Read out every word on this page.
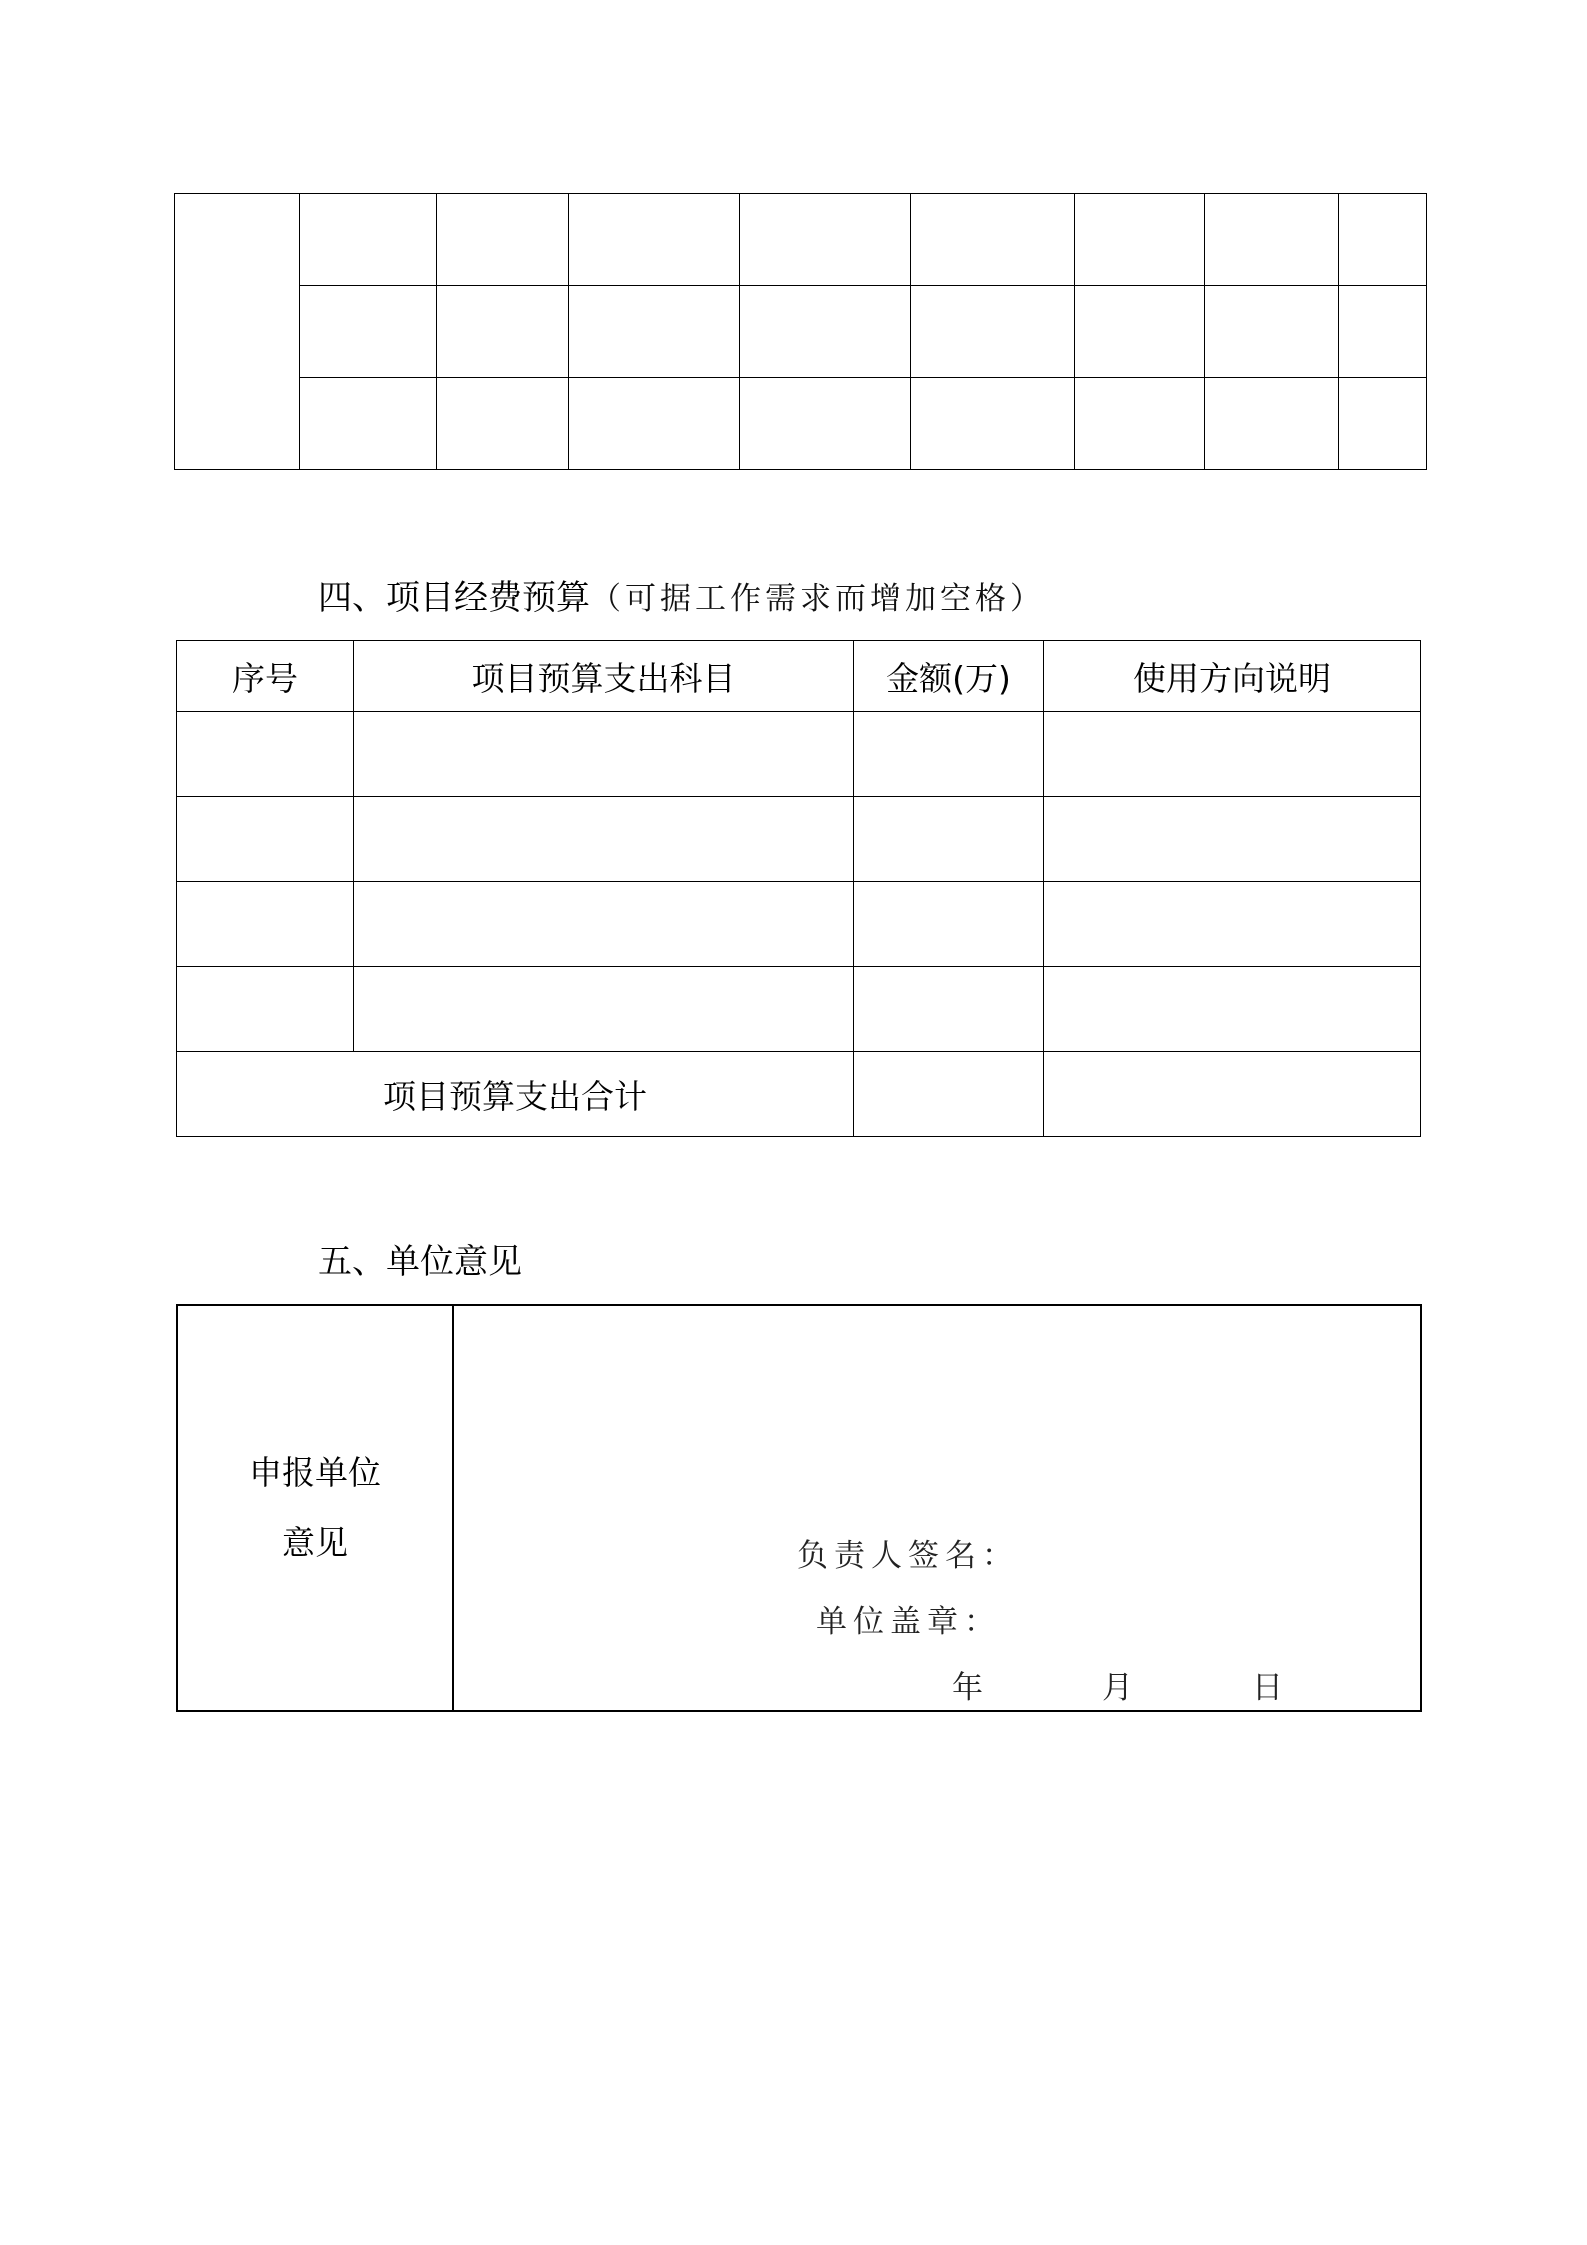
四、项目经费预算（可据工作需求而增加空格）
序号	项目预算支出科目	金额(万)	使用方向说明

项目预算支出合计			
五、单位意见
申报单位
意见	负责人签名：
单位盖章：
年	月	日
